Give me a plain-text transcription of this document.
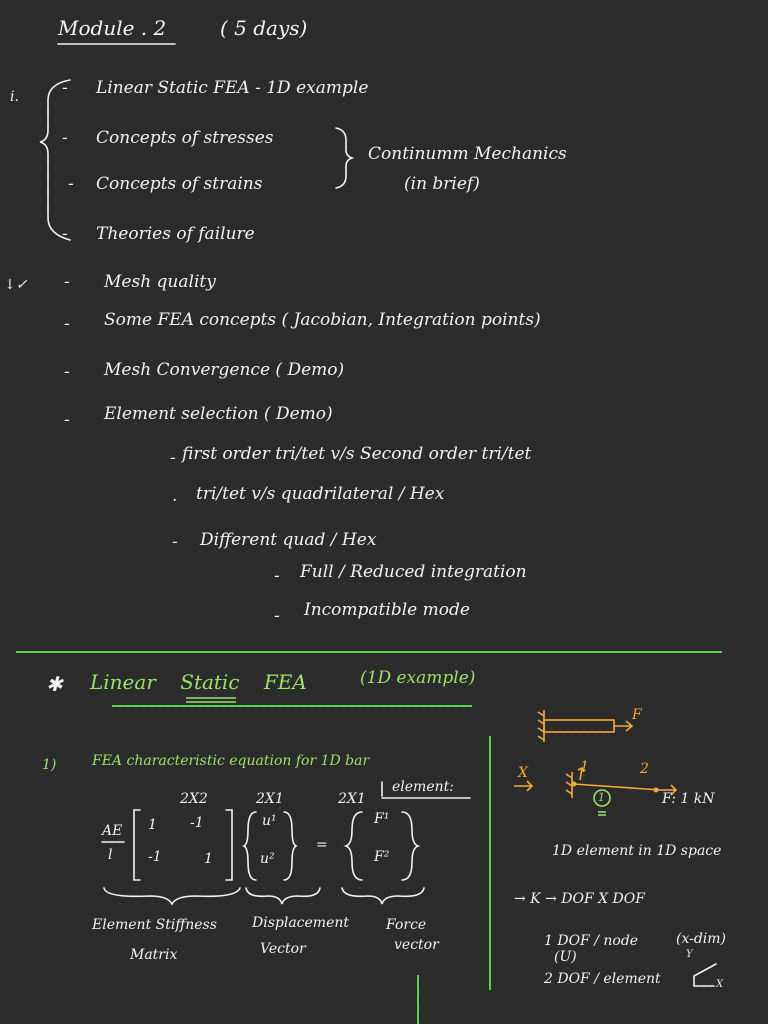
Module . 2	( 5 days)
i.
↓✓
- Linear Static FEA - 1D example
- Concepts of stresses
- Concepts of strains
Continumm Mechanics
(in brief)
- Theories of failure
- Mesh quality
- Some FEA concepts ( Jacobian, Integration points)
- Mesh Convergence ( Demo)
- Element selection ( Demo)
- first order tri/tet v/s Second order tri/tet
. tri/tet v/s quadrilateral / Hex
- Different quad / Hex
- Full / Reduced integration
- Incompatible mode
✱ Linear Static FEA	(1D example)
1)	FEA characteristic equation for 1D bar
element:
2X2	2X1	2X1
AE
l
1 -1
-1	1
u¹
u²
=
F¹
F²
Element Stiffness
Matrix
Displacement
Vector
Force
vector
F
X	1	2
1	F: 1 kN
1D element in 1D space
→ K → DOF X DOF
1 DOF / node
(U)
(x-dim)
2 DOF / element
Y
X
